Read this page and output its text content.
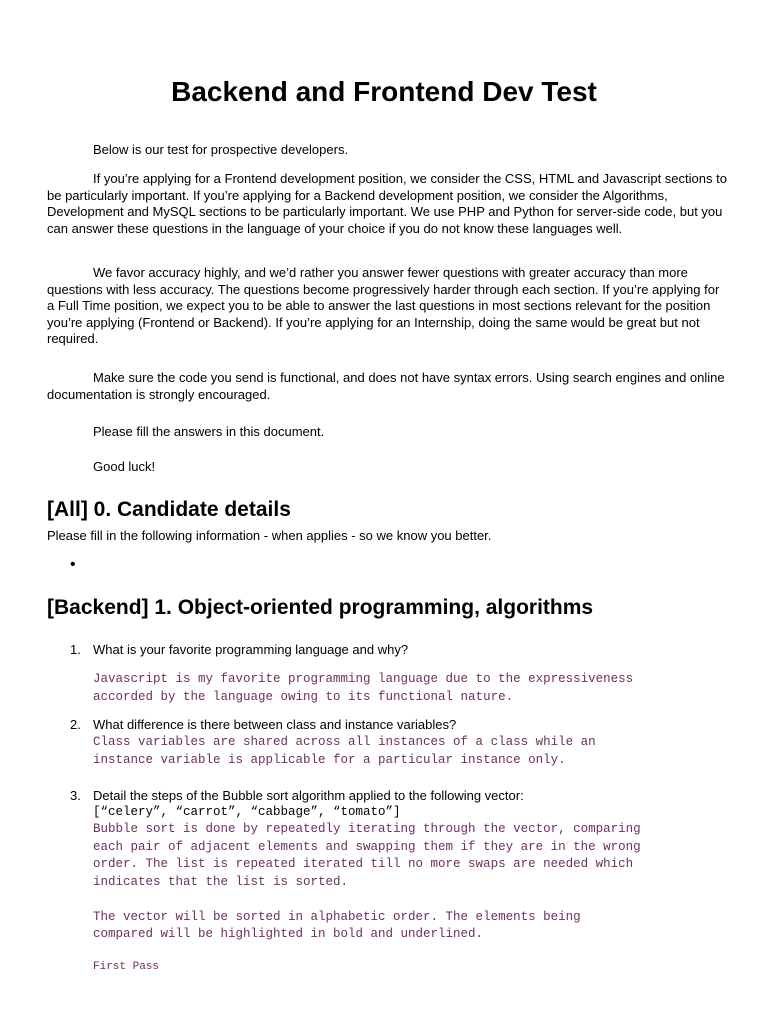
Backend and Frontend Dev Test

Below is our test for prospective developers.

If you’re applying for a Frontend development position, we consider the CSS, HTML and Javascript sections to be particularly important. If you’re applying for a Backend development position, we consider the Algorithms, Development and MySQL sections to be particularly important. We use PHP and Python for server-side code, but you can answer these questions in the language of your choice if you do not know these languages well.

We favor accuracy highly, and we’d rather you answer fewer questions with greater accuracy than more questions with less accuracy. The questions become progressively harder through each section. If you’re applying for a Full Time position, we expect you to be able to answer the last questions in most sections relevant for the position you’re applying (Frontend or Backend). If you’re applying for an Internship, doing the same would be great but not required.

Make sure the code you send is functional, and does not have syntax errors. Using search engines and online documentation is strongly encouraged.

Please fill the answers in this document.

Good luck!

[All] 0. Candidate details

Please fill in the following information - when applies - so we know you better.

•
[Backend] 1. Object-oriented programming, algorithms
1. What is your favorite programming language and why?
Javascript is my favorite programming language due to the expressiveness
accorded by the language owing to its functional nature.
2. What difference is there between class and instance variables?
Class variables are shared across all instances of a class while an
instance variable is applicable for a particular instance only.
3. Detail the steps of the Bubble sort algorithm applied to the following vector:
[“celery”, “carrot”, “cabbage”, “tomato”]
Bubble sort is done by repeatedly iterating through the vector, comparing
each pair of adjacent elements and swapping them if they are in the wrong
order. The list is repeated iterated till no more swaps are needed which
indicates that the list is sorted.

The vector will be sorted in alphabetic order. The elements being
compared will be highlighted in bold and underlined.
First Pass
